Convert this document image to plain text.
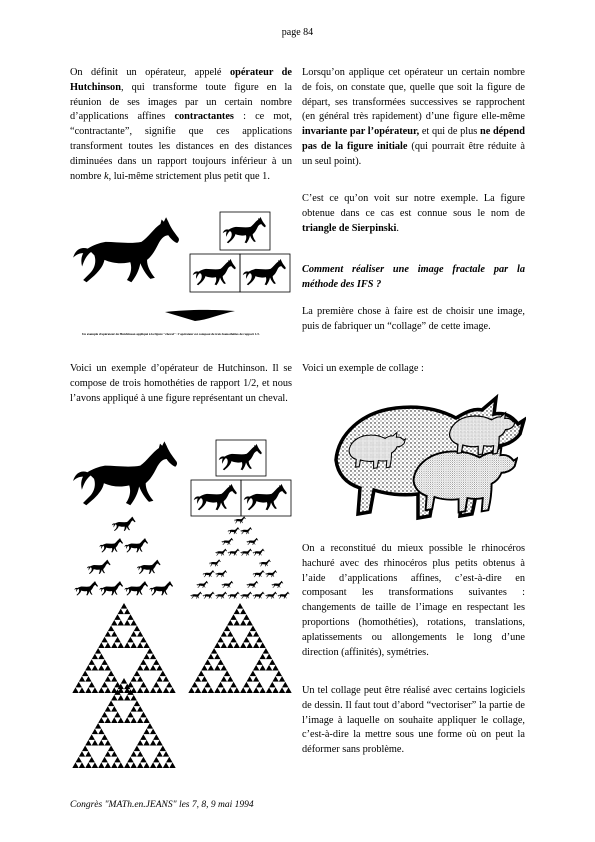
page 84

On définit un opérateur, appelé opérateur de Hutchinson, qui transforme toute figure en la réunion de ses images par un certain nombre d’applications affines contractantes : ce mot, “contractante”, signifie que ces applications transforment toutes les distances en des distances diminuées dans un rapport toujours inférieur à un nombre k, lui-même strictement plus petit que 1.

Un exemple d'opérateur de Hutchinson appliqué à la figure "cheval" : l'opérateur est composé de trois homothéties de rapport 1/2.

Voici un exemple d’opérateur de Hutchinson. Il se compose de trois homothéties de rapport 1/2, et nous l’avons appliqué à une figure représentant un cheval.

Lorsqu’on applique cet opérateur un certain nombre de fois, on constate que, quelle que soit la figure de départ, ses transformées successives se rapprochent (en général très rapidement) d’une figure elle-même invariante par l’opérateur, et qui de plus ne dépend pas de la figure initiale (qui pourrait être réduite à un seul point).

C’est ce qu’on voit sur notre exemple. La figure obtenue dans ce cas est connue sous le nom de triangle de Sierpinski.

Comment réaliser une image fractale par la méthode des IFS ?

La première chose à faire est de choisir une image, puis de fabriquer un “collage” de cette image.

Voici un exemple de collage :

On a reconstitué du mieux possible le rhinocéros hachuré avec des rhinocéros plus petits obtenus à l’aide d’applications affines, c’est-à-dire en composant les transformations suivantes : changements de taille de l’image en respectant les proportions (homothéties), rotations, translations, aplatissements ou allongements le long d’une direction (affinités), symétries.

Un tel collage peut être réalisé avec certains logiciels de dessin. Il faut tout d’abord “vectoriser” la partie de l’image à laquelle on souhaite appliquer le collage, c’est-à-dire la mettre sous une forme où on peut la déformer sans problème.

Congrès "MATh.en.JEANS" les 7, 8, 9 mai 1994
